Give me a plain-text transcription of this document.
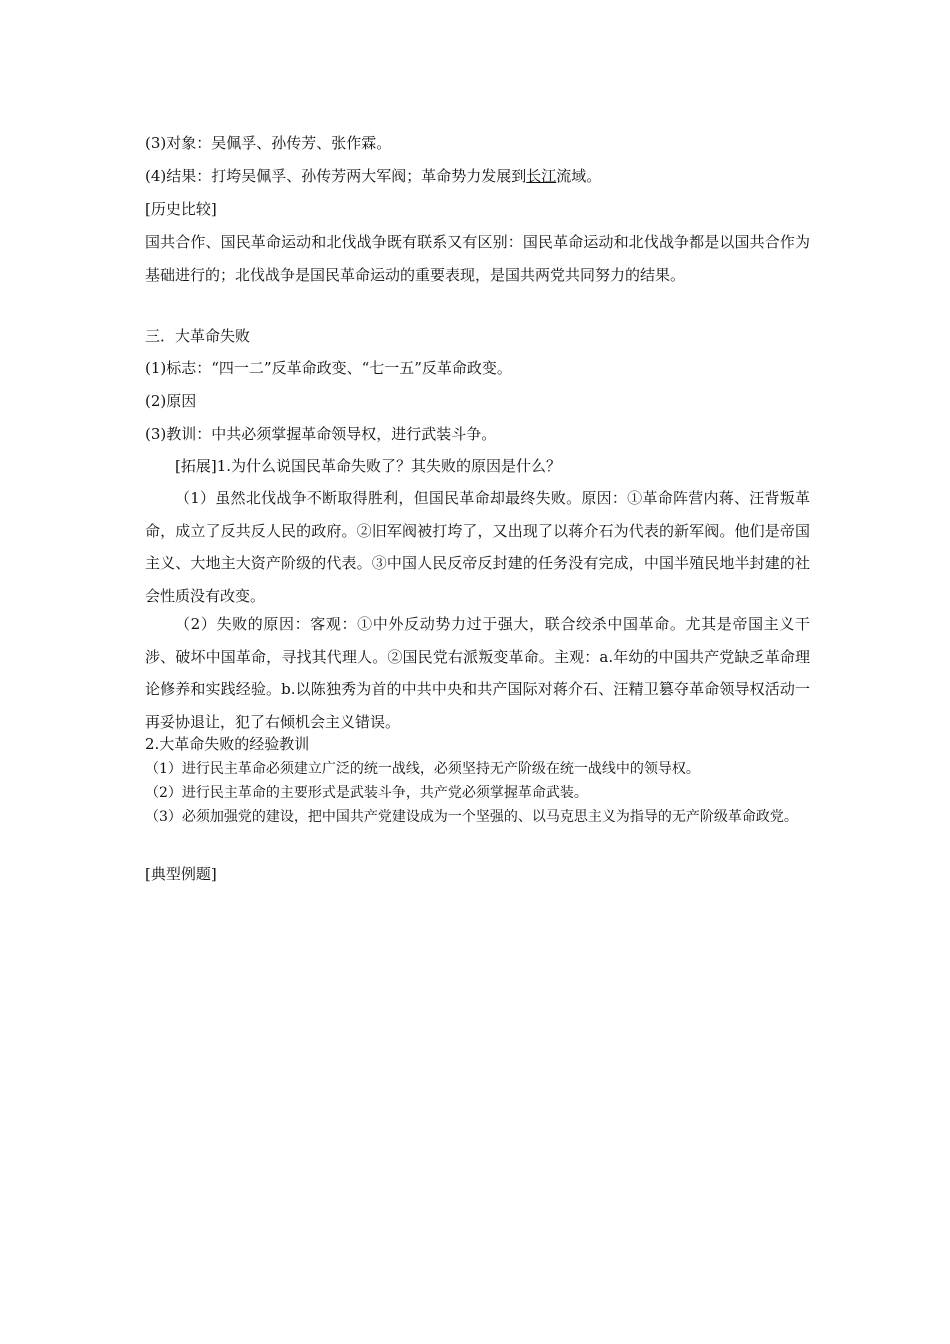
(3)对象：吴佩孚、孙传芳、张作霖。
(4)结果：打垮吴佩孚、孙传芳两大军阀；革命势力发展到长江流域。
[历史比较]
国共合作、国民革命运动和北伐战争既有联系又有区别：国民革命运动和北伐战争都是以国共合作为基础进行的；北伐战争是国民革命运动的重要表现，是国共两党共同努力的结果。
三．大革命失败
(1)标志：“四一二”反革命政变、“七一五”反革命政变。
(2)原因
(3)教训：中共必须掌握革命领导权，进行武装斗争。
[拓展]1.为什么说国民革命失败了？其失败的原因是什么？
（1）虽然北伐战争不断取得胜利，但国民革命却最终失败。原因：①革命阵营内蒋、汪背叛革命，成立了反共反人民的政府。②旧军阀被打垮了，又出现了以蒋介石为代表的新军阀。他们是帝国主义、大地主大资产阶级的代表。③中国人民反帝反封建的任务没有完成，中国半殖民地半封建的社会性质没有改变。
（2）失败的原因：客观：①中外反动势力过于强大，联合绞杀中国革命。尤其是帝国主义干涉、破坏中国革命，寻找其代理人。②国民党右派叛变革命。主观：a.年幼的中国共产党缺乏革命理论修养和实践经验。b.以陈独秀为首的中共中央和共产国际对蒋介石、汪精卫篡夺革命领导权活动一再妥协退让，犯了右倾机会主义错误。
2.大革命失败的经验教训
（1）进行民主革命必须建立广泛的统一战线，必须坚持无产阶级在统一战线中的领导权。
（2）进行民主革命的主要形式是武装斗争，共产党必须掌握革命武装。
（3）必须加强党的建设，把中国共产党建设成为一个坚强的、以马克思主义为指导的无产阶级革命政党。
[典型例题]
